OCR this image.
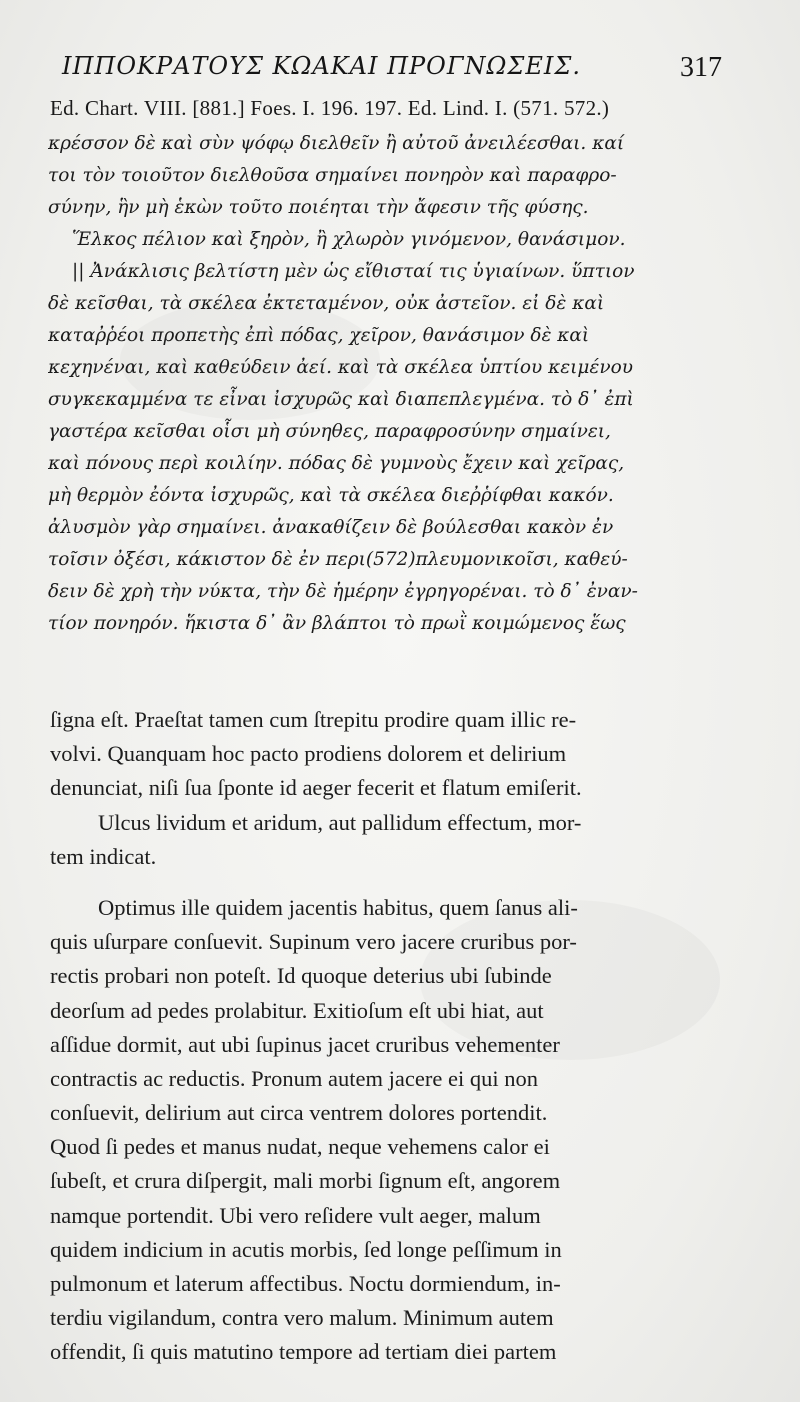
ΙΠΠΟΚΡΑΤΟΥΣ ΚΩΑΚΑΙ ΠΡΟΓΝΩΣΕΙΣ.	317
Ed. Chart. VIII. [881.] Foes. I. 196. 197. Ed. Lind. I. (571. 572.)
κρέσσον δὲ καὶ σὺν ψόφῳ διελθεῖν ἢ αὐτοῦ ἀνειλέεσθαι. καί
τοι τὸν τοιοῦτον διελθοῦσα σημαίνει πονηρὸν καὶ παραφρο-
σύνην, ἣν μὴ ἑκὼν τοῦτο ποιέηται τὴν ἄφεσιν τῆς φύσης.
Ἕλκος πέλιον καὶ ξηρὸν, ἢ χλωρὸν γινόμενον, θανάσιμον.
|| Ἀνάκλισις βελτίστη μὲν ὡς εἴθισταί τις ὑγιαίνων. ὕπτιον
δὲ κεῖσθαι, τὰ σκέλεα ἐκτεταμένον, οὐκ ἀστεῖον. εἰ δὲ καὶ
καταῤῥέοι προπετὴς ἐπὶ πόδας, χεῖρον, θανάσιμον δὲ καὶ
κεχηνέναι, καὶ καθεύδειν ἀεί. καὶ τὰ σκέλεα ὑπτίου κειμένου
συγκεκαμμένα τε εἶναι ἰσχυρῶς καὶ διαπεπλεγμένα. τὸ δ᾽ ἐπὶ
γαστέρα κεῖσθαι οἷσι μὴ σύνηθες, παραφροσύνην σημαίνει,
καὶ πόνους περὶ κοιλίην. πόδας δὲ γυμνοὺς ἔχειν καὶ χεῖρας,
μὴ θερμὸν ἐόντα ἰσχυρῶς, καὶ τὰ σκέλεα διεῤῥίφθαι κακόν.
ἀλυσμὸν γὰρ σημαίνει. ἀνακαθίζειν δὲ βούλεσθαι κακὸν ἐν
τοῖσιν ὀξέσι, κάκιστον δὲ ἐν περι(572)πλευμονικοῖσι, καθεύ-
δειν δὲ χρὴ τὴν νύκτα, τὴν δὲ ἡμέρην ἐγρηγορέναι. τὸ δ᾽ ἐναν-
τίον πονηρόν. ἥκιστα δ᾽ ἂν βλάπτοι τὸ πρωῒ κοιμώμενος ἕως
ſigna eſt. Praeſtat tamen cum ſtrepitu prodire quam illic re-
volvi. Quanquam hoc pacto prodiens dolorem et delirium
denunciat, niſi ſua ſponte id aeger fecerit et flatum emiſerit.
Ulcus lividum et aridum, aut pallidum effectum, mor-
tem indicat.
Optimus ille quidem jacentis habitus, quem ſanus ali-
quis uſurpare conſuevit. Supinum vero jacere cruribus por-
rectis probari non poteſt. Id quoque deterius ubi ſubinde
deorſum ad pedes prolabitur. Exitioſum eſt ubi hiat, aut
aſſidue dormit, aut ubi ſupinus jacet cruribus vehementer
contractis ac reductis. Pronum autem jacere ei qui non
conſuevit, delirium aut circa ventrem dolores portendit.
Quod ſi pedes et manus nudat, neque vehemens calor ei
ſubeſt, et crura diſpergit, mali morbi ſignum eſt, angorem
namque portendit. Ubi vero reſidere vult aeger, malum
quidem indicium in acutis morbis, ſed longe peſſimum in
pulmonum et laterum affectibus. Noctu dormiendum, in-
terdiu vigilandum, contra vero malum. Minimum autem
offendit, ſi quis matutino tempore ad tertiam diei partem
